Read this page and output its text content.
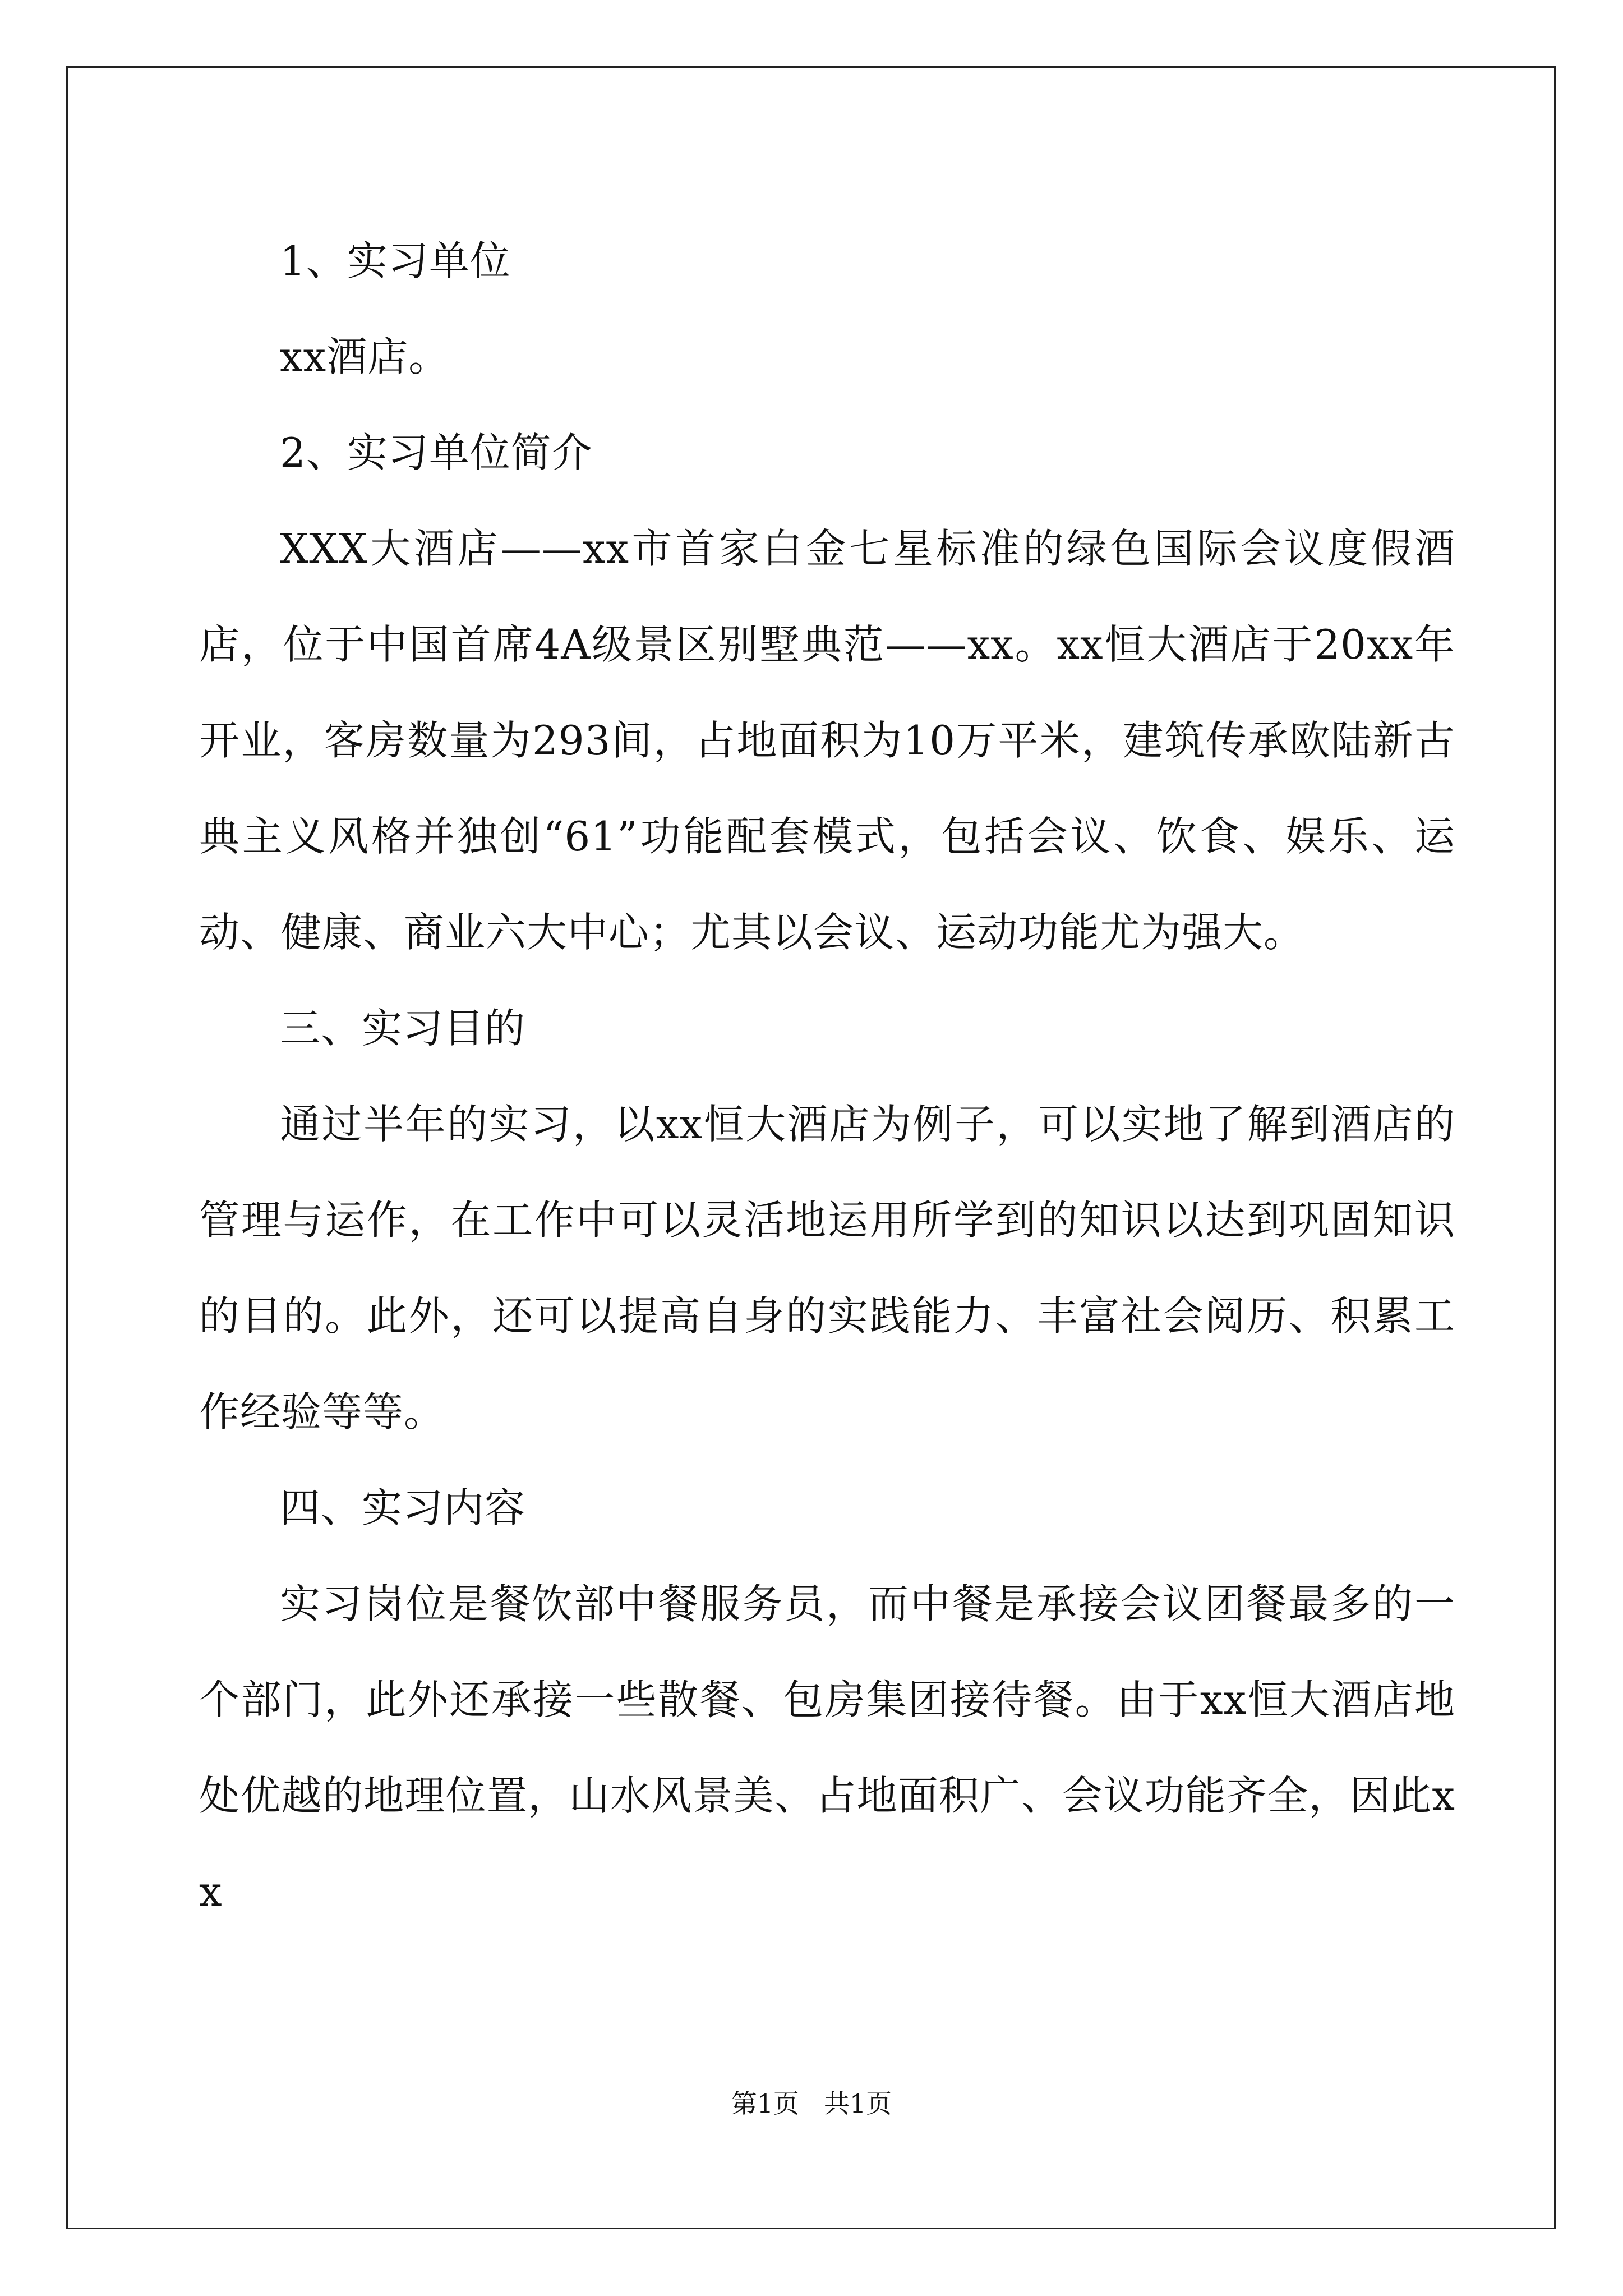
1、实习单位

xx酒店。

2、实习单位简介

XXX大酒店——xx市首家白金七星标准的绿色国际会议度假酒店，位于中国首席4A级景区别墅典范——xx。xx恒大酒店于20xx年开业，客房数量为293间，占地面积为10万平米，建筑传承欧陆新古典主义风格并独创“61”功能配套模式，包括会议、饮食、娱乐、运动、健康、商业六大中心；尤其以会议、运动功能尤为强大。

三、实习目的

通过半年的实习，以xx恒大酒店为例子，可以实地了解到酒店的管理与运作，在工作中可以灵活地运用所学到的知识以达到巩固知识的目的。此外，还可以提高自身的实践能力、丰富社会阅历、积累工作经验等等。

四、实习内容

实习岗位是餐饮部中餐服务员，而中餐是承接会议团餐最多的一个部门，此外还承接一些散餐、包房集团接待餐。由于xx恒大酒店地处优越的地理位置，山水风景美、占地面积广、会议功能齐全，因此xx

第1页 共1页
